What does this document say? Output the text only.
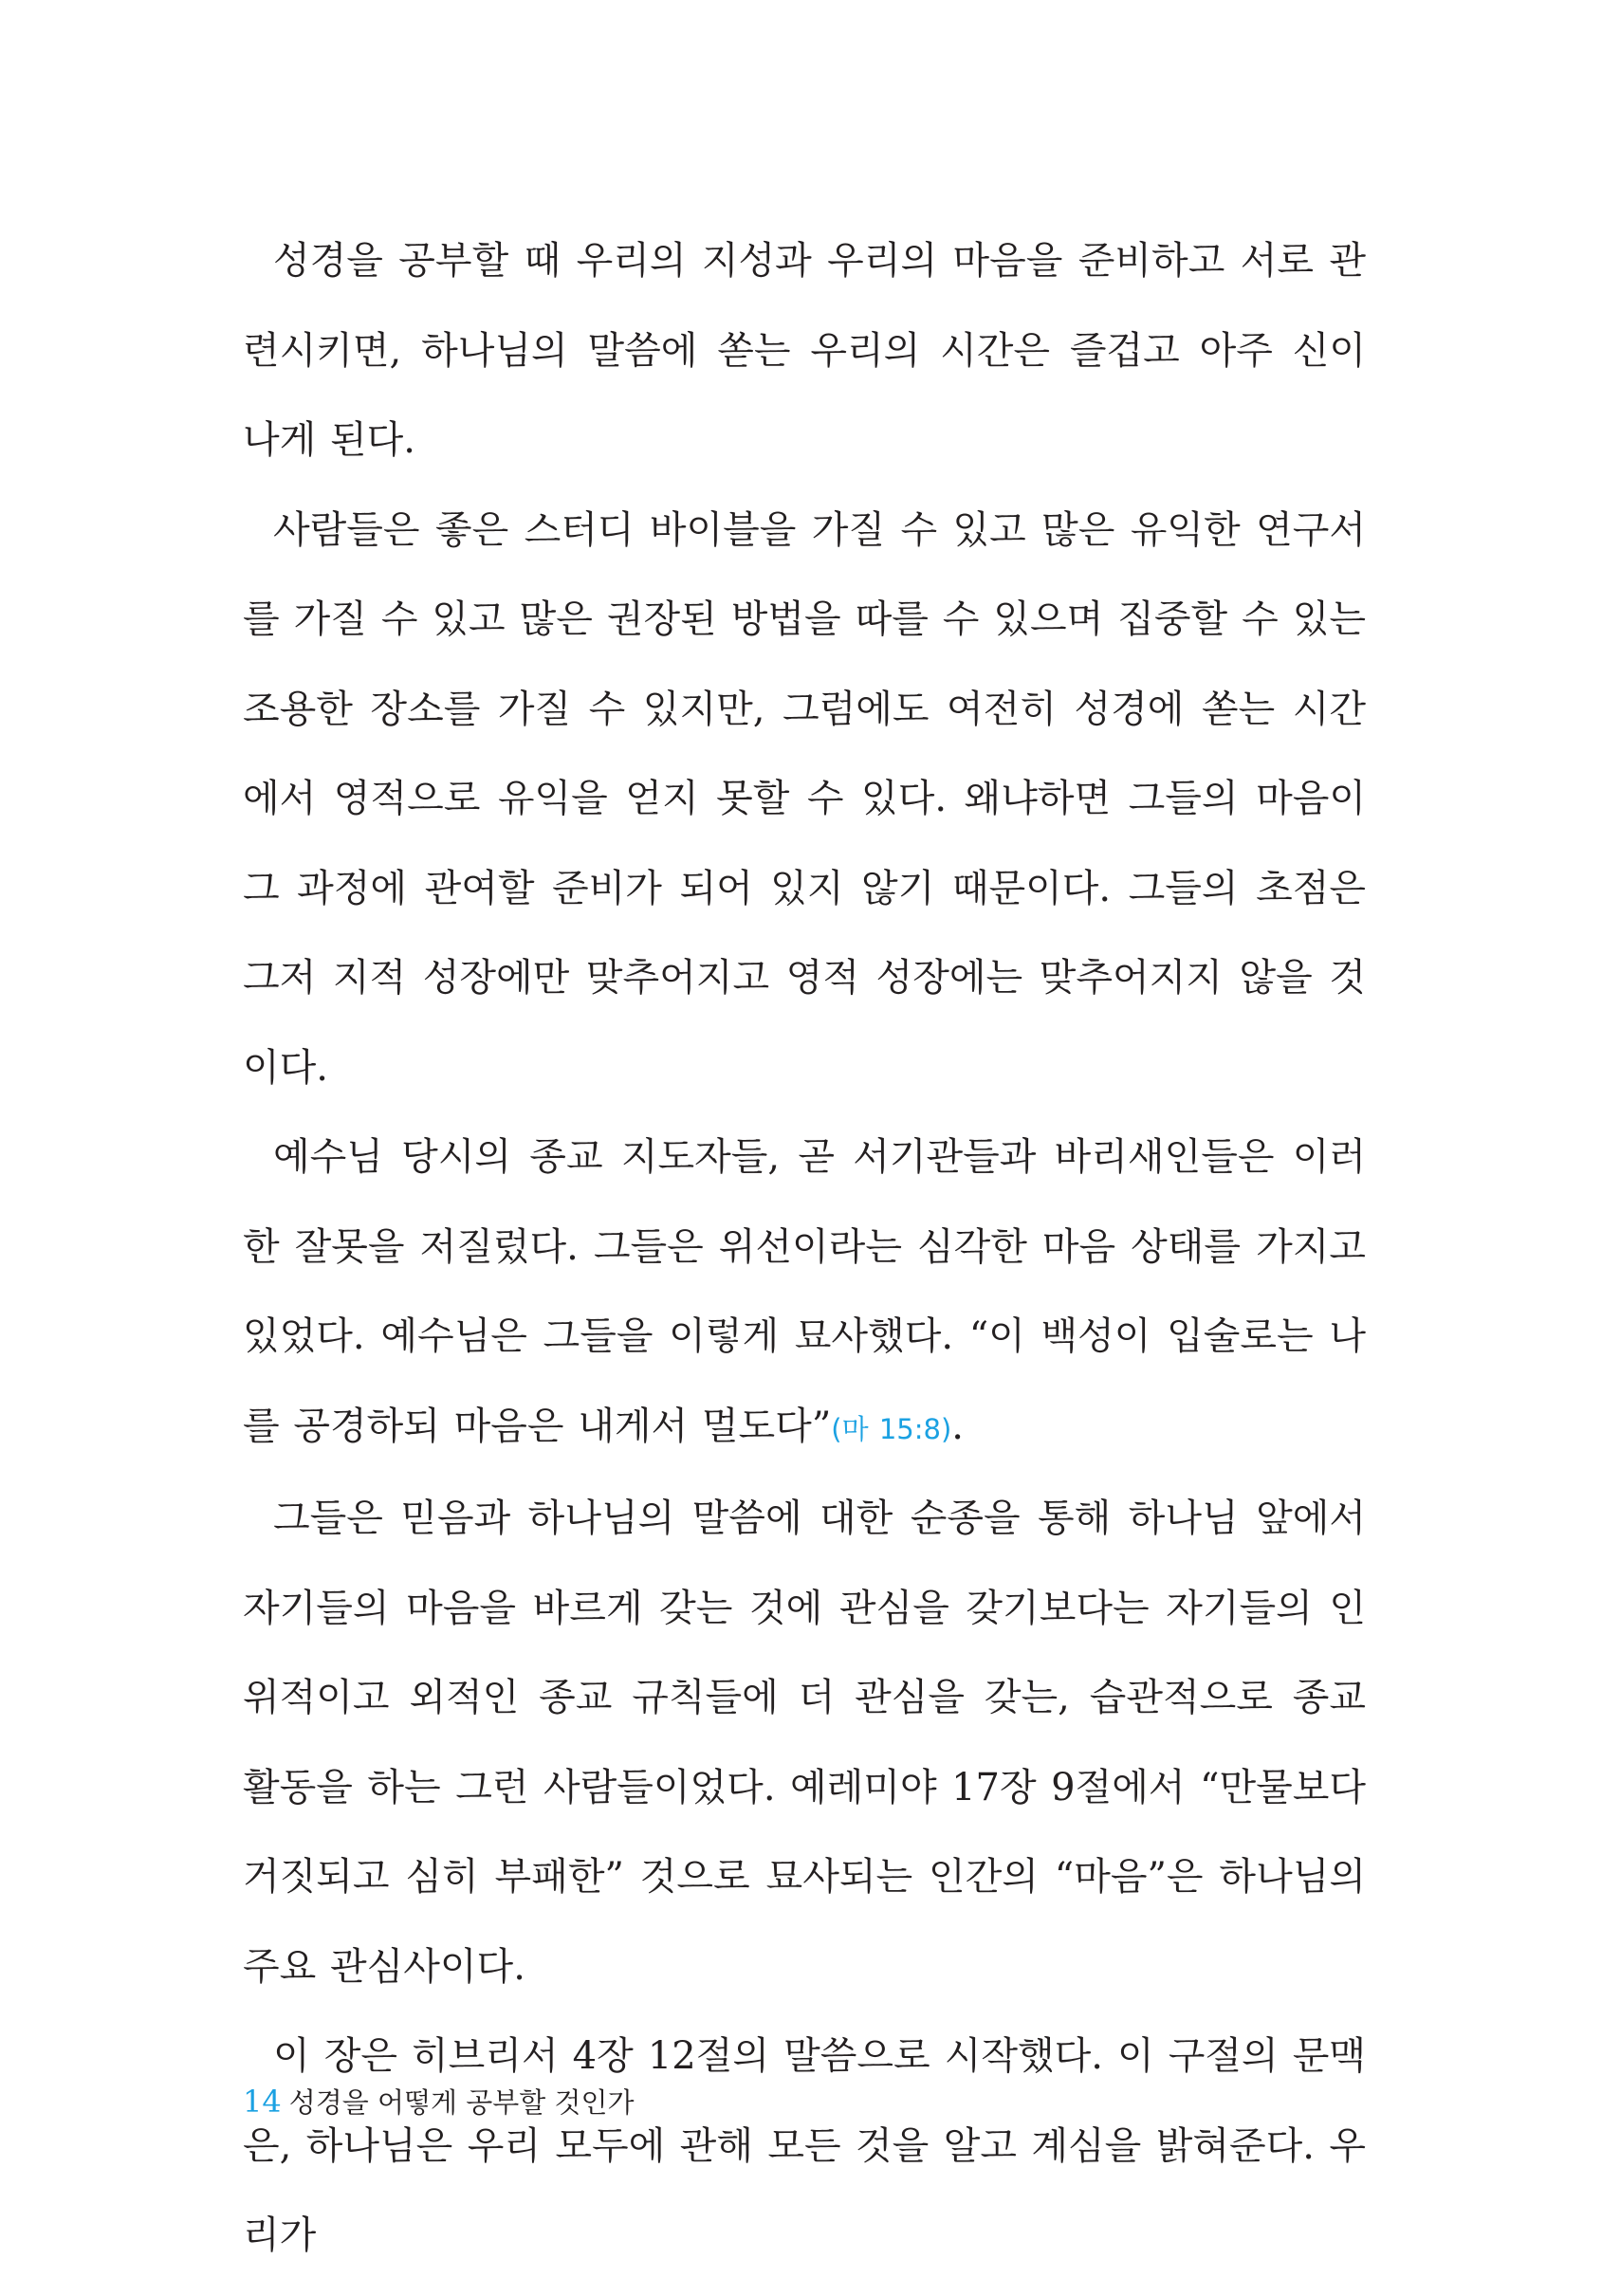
성경을 공부할 때 우리의 지성과 우리의 마음을 준비하고 서로 관련시키면, 하나님의 말씀에 쏟는 우리의 시간은 즐겁고 아주 신이 나게 된다.

사람들은 좋은 스터디 바이블을 가질 수 있고 많은 유익한 연구서를 가질 수 있고 많은 권장된 방법을 따를 수 있으며 집중할 수 있는 조용한 장소를 가질 수 있지만, 그럼에도 여전히 성경에 쏟는 시간에서 영적으로 유익을 얻지 못할 수 있다. 왜냐하면 그들의 마음이 그 과정에 관여할 준비가 되어 있지 않기 때문이다. 그들의 초점은 그저 지적 성장에만 맞추어지고 영적 성장에는 맞추어지지 않을 것이다.

예수님 당시의 종교 지도자들, 곧 서기관들과 바리새인들은 이러한 잘못을 저질렀다. 그들은 위선이라는 심각한 마음 상태를 가지고 있었다. 예수님은 그들을 이렇게 묘사했다. “이 백성이 입술로는 나를 공경하되 마음은 내게서 멀도다”(마 15:8).

그들은 믿음과 하나님의 말씀에 대한 순종을 통해 하나님 앞에서 자기들의 마음을 바르게 갖는 것에 관심을 갖기보다는 자기들의 인위적이고 외적인 종교 규칙들에 더 관심을 갖는, 습관적으로 종교 활동을 하는 그런 사람들이었다. 예레미야 17장 9절에서 “만물보다 거짓되고 심히 부패한” 것으로 묘사되는 인간의 “마음”은 하나님의 주요 관심사이다.

이 장은 히브리서 4장 12절의 말씀으로 시작했다. 이 구절의 문맥은, 하나님은 우리 모두에 관해 모든 것을 알고 계심을 밝혀준다. 우리가

14 성경을 어떻게 공부할 것인가
